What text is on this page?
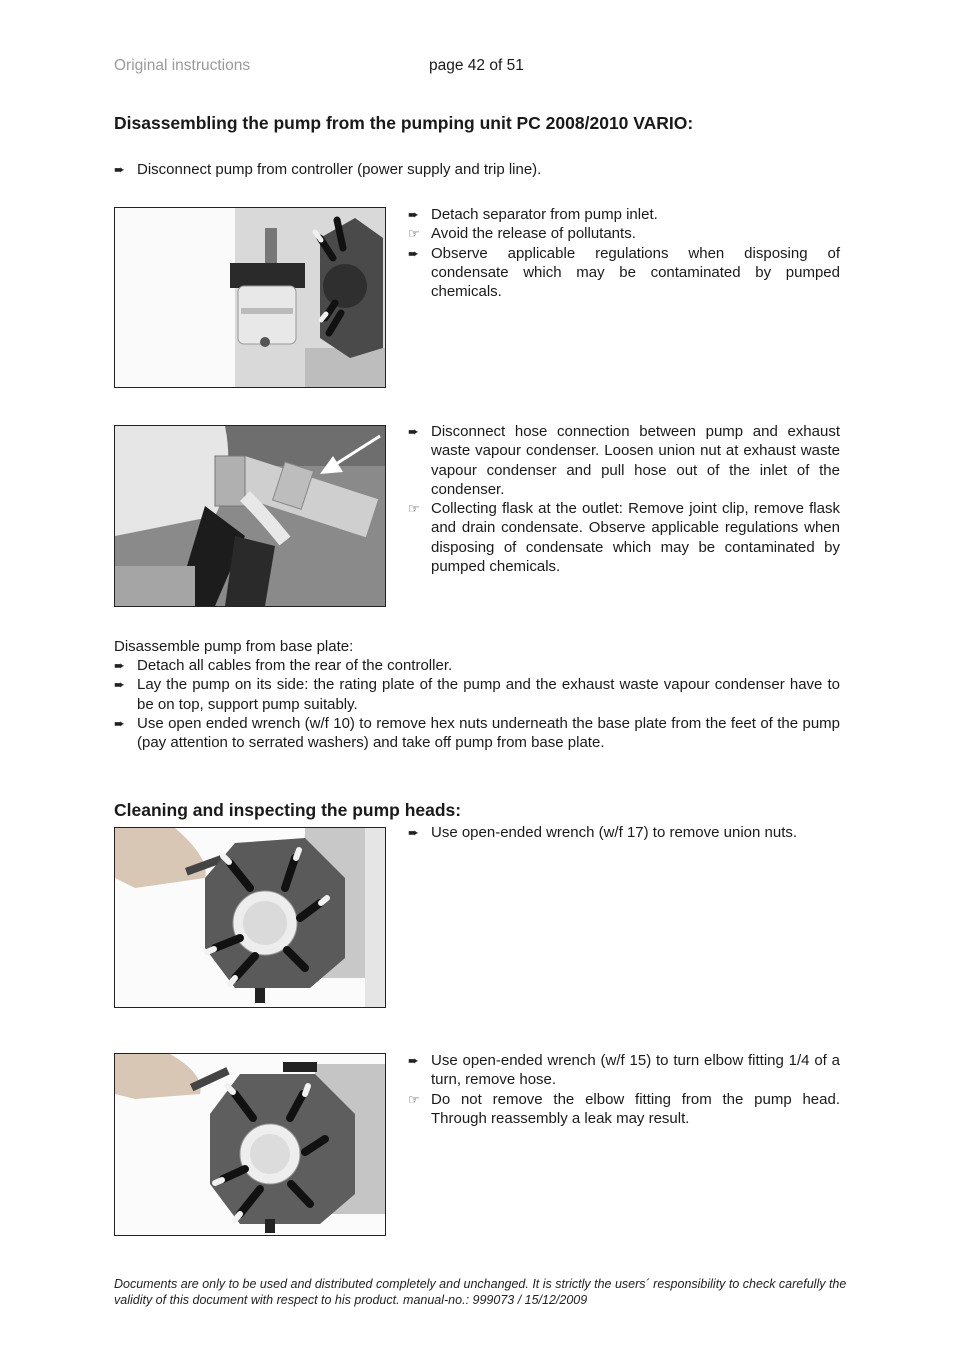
Original instructions	page 42 of 51
Disassembling the pump from the pumping unit PC 2008/2010 VARIO:
➨ Disconnect pump from controller (power supply and trip line).
➨ Detach separator from pump inlet.
☞ Avoid the release of pollutants.
➨ Observe applicable regulations when disposing of condensate which may be contaminated by pumped chemicals.
➨ Disconnect hose connection between pump and exhaust waste vapour condenser. Loosen union nut at exhaust waste vapour condenser and pull hose out of the inlet of the condenser.
☞ Collecting flask at the outlet: Remove joint clip, remove flask and drain condensate. Observe applicable regulations when disposing of condensate which may be contaminated by pumped chemicals.
Disassemble pump from base plate:
➨ Detach all cables from the rear of the controller.
➨ Lay the pump on its side: the rating plate of the pump and the exhaust waste vapour condenser have to be on top, support pump suitably.
➨ Use open ended wrench (w/f 10) to remove hex nuts underneath the base plate from the feet of the pump (pay attention to serrated washers) and take off pump from base plate.
Cleaning and inspecting the pump heads:
➨ Use open-ended wrench (w/f 17) to remove union nuts.
➨ Use open-ended wrench (w/f 15) to turn elbow fitting 1/4 of a turn, remove hose.
☞ Do not remove the elbow fitting from the pump head. Through reassembly a leak may result.
Documents are only to be used and distributed completely and unchanged. It is strictly the users´ responsibility to check carefully the validity of this document with respect to his product. manual-no.: 999073 / 15/12/2009
